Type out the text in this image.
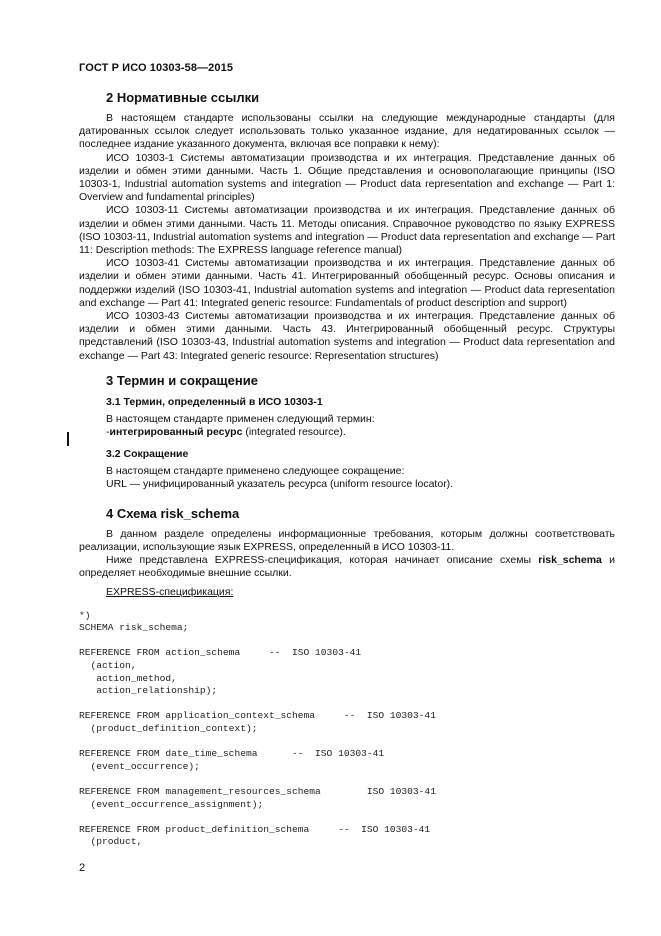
ГОСТ Р ИСО 10303-58—2015
2 Нормативные ссылки

В настоящем стандарте использованы ссылки на следующие международные стандарты (для датированных ссылок следует использовать только указанное издание, для недатированных ссылок — последнее издание указанного документа, включая все поправки к нему):

ИСО 10303-1 Системы автоматизации производства и их интеграция. Представление данных об изделии и обмен этими данными. Часть 1. Общие представления и основополагающие принципы (ISO 10303-1, Industrial automation systems and integration — Product data representation and exchange — Part 1: Overview and fundamental principles)

ИСО 10303-11 Системы автоматизации производства и их интеграция. Представление данных об изделии и обмен этими данными. Часть 11. Методы описания. Справочное руководство по языку EXPRESS (ISO 10303-11, Industrial automation systems and integration — Product data representation and exchange — Part 11: Description methods: The EXPRESS language reference manual)

ИСО 10303-41 Системы автоматизации производства и их интеграция. Представление данных об изделии и обмен этими данными. Часть 41. Интегрированный обобщенный ресурс. Основы описания и поддержки изделий (ISO 10303-41, Industrial automation systems and integration — Product data representation and exchange — Part 41: Integrated generic resource: Fundamentals of product description and support)

ИСО 10303-43 Системы автоматизации производства и их интеграция. Представление данных об изделии и обмен этими данными. Часть 43. Интегрированный обобщенный ресурс. Структуры представлений (ISO 10303-43, Industrial automation systems and integration — Product data representation and exchange — Part 43: Integrated generic resource: Representation structures)

3 Термин и сокращение
3.1 Термин, определенный в ИСО 10303-1
В настоящем стандарте применен следующий термин:
-интегрированный ресурс (integrated resource).
3.2 Сокращение
В настоящем стандарте применено следующее сокращение:
URL — унифицированный указатель ресурса (uniform resource locator).
4 Схема risk_schema

В данном разделе определены информационные требования, которым должны соответствовать реализации, использующие язык EXPRESS, определенный в ИСО 10303-11.

Ниже представлена EXPRESS-спецификация, которая начинает описание схемы risk_schema и определяет необходимые внешние ссылки.

EXPRESS-спецификация:
*)
SCHEMA risk_schema;
REFERENCE FROM action_schema     --  ISO 10303-41
(action,
action_method,
action_relationship);
REFERENCE FROM application_context_schema     --  ISO 10303-41
(product_definition_context);
REFERENCE FROM date_time_schema      --  ISO 10303-41
(event_occurrence);
REFERENCE FROM management_resources_schema        ISO 10303-41
(event_occurrence_assignment);
REFERENCE FROM product_definition_schema     --  ISO 10303-41
(product,
2
